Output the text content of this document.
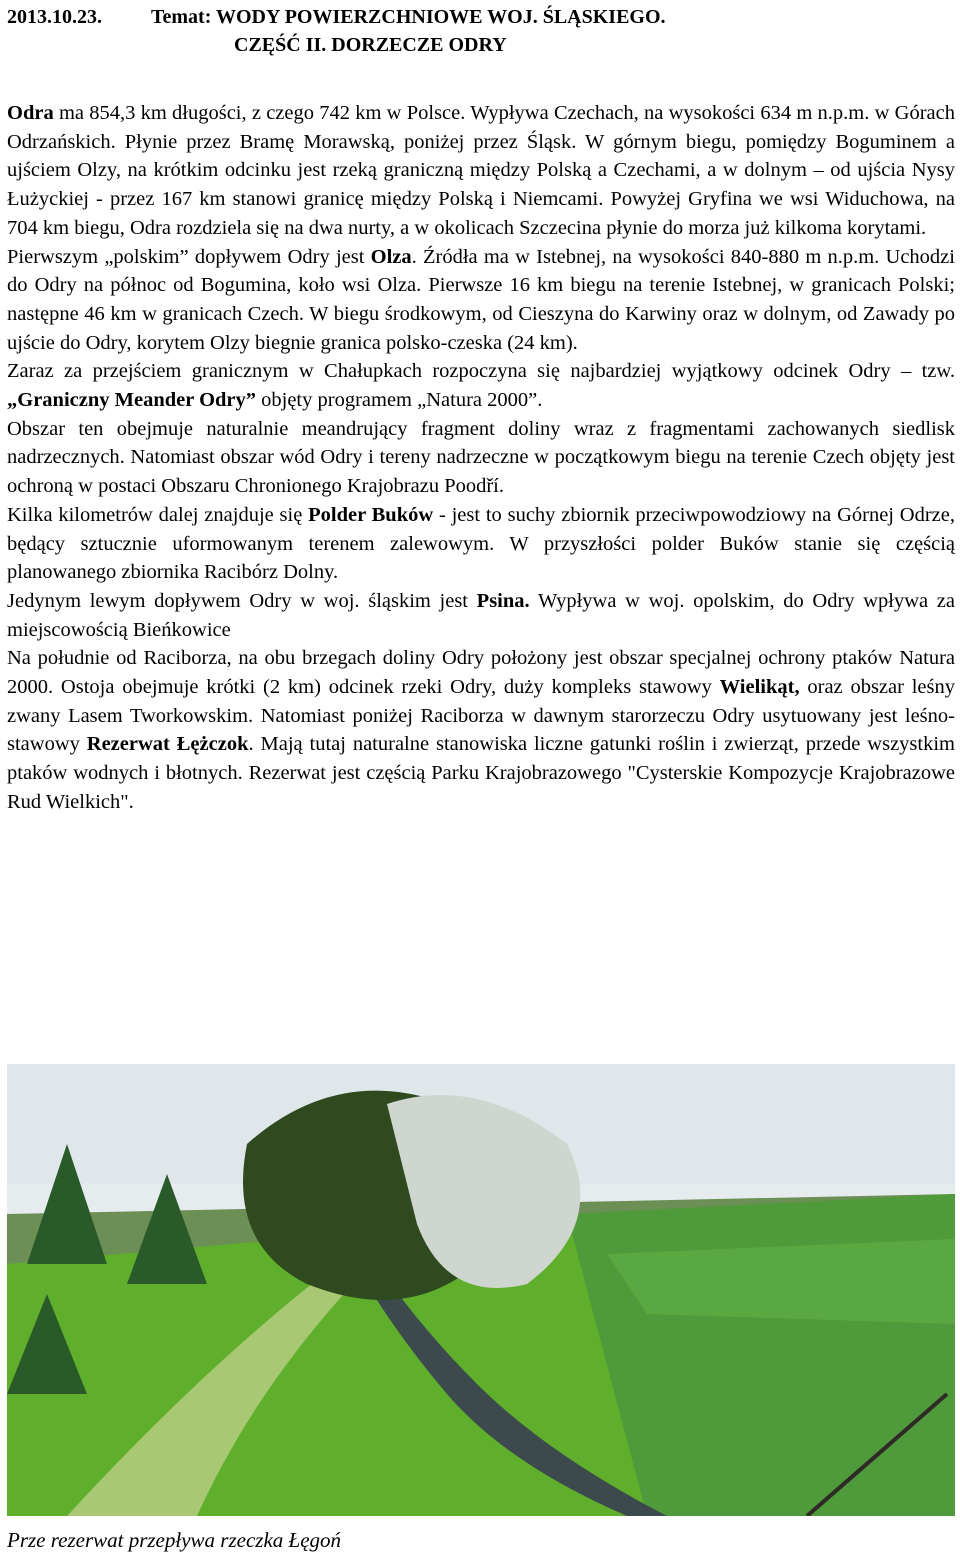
2013.10.23. Temat: WODY POWIERZCHNIOWE WOJ. ŚLĄSKIEGO.
CZĘŚĆ II. DORZECZE ODRY

Odra ma 854,3 km długości, z czego 742 km w Polsce. Wypływa Czechach, na wysokości 634 m n.p.m. w Górach Odrzańskich. Płynie przez Bramę Morawską, poniżej przez Śląsk. W górnym biegu, pomiędzy Boguminem a ujściem Olzy, na krótkim odcinku jest rzeką graniczną między Polską a Czechami, a w dolnym – od ujścia Nysy Łużyckiej - przez 167 km stanowi granicę między Polską i Niemcami. Powyżej Gryfina we wsi Widuchowa, na 704 km biegu, Odra rozdziela się na dwa nurty, a w okolicach Szczecina płynie do morza już kilkoma korytami.

Pierwszym „polskim” dopływem Odry jest Olza. Źródła ma w Istebnej, na wysokości 840-880 m n.p.m. Uchodzi do Odry na północ od Bogumina, koło wsi Olza. Pierwsze 16 km biegu na terenie Istebnej, w granicach Polski; następne 46 km w granicach Czech. W biegu środkowym, od Cieszyna do Karwiny oraz w dolnym, od Zawady po ujście do Odry, korytem Olzy biegnie granica polsko-czeska (24 km).

Zaraz za przejściem granicznym w Chałupkach rozpoczyna się najbardziej wyjątkowy odcinek Odry – tzw. „Graniczny Meander Odry” objęty programem „Natura 2000”.

Obszar ten obejmuje naturalnie meandrujący fragment doliny wraz z fragmentami zachowanych siedlisk nadrzecznych. Natomiast obszar wód Odry i tereny nadrzeczne w początkowym biegu na terenie Czech objęty jest ochroną w postaci Obszaru Chronionego Krajobrazu Poodří.

Kilka kilometrów dalej znajduje się Polder Buków - jest to suchy zbiornik przeciwpowodziowy na Górnej Odrze, będący sztucznie uformowanym terenem zalewowym. W przyszłości polder Buków stanie się częścią planowanego zbiornika Racibórz Dolny.

Jedynym lewym dopływem Odry w woj. śląskim jest Psina. Wypływa w woj. opolskim, do Odry wpływa za miejscowością Bieńkowice

Na południe od Raciborza, na obu brzegach doliny Odry położony jest obszar specjalnej ochrony ptaków Natura 2000. Ostoja obejmuje krótki (2 km) odcinek rzeki Odry, duży kompleks stawowy Wielikąt, oraz obszar leśny zwany Lasem Tworkowskim. Natomiast poniżej Raciborza w dawnym starorzeczu Odry usytuowany jest leśno-stawowy Rezerwat Łężczok. Mają tutaj naturalne stanowiska liczne gatunki roślin i zwierząt, przede wszystkim ptaków wodnych i błotnych. Rezerwat jest częścią Parku Krajobrazowego "Cysterskie Kompozycje Krajobrazowe Rud Wielkich".

Prze rezerwat przepływa rzeczka Łęgoń
